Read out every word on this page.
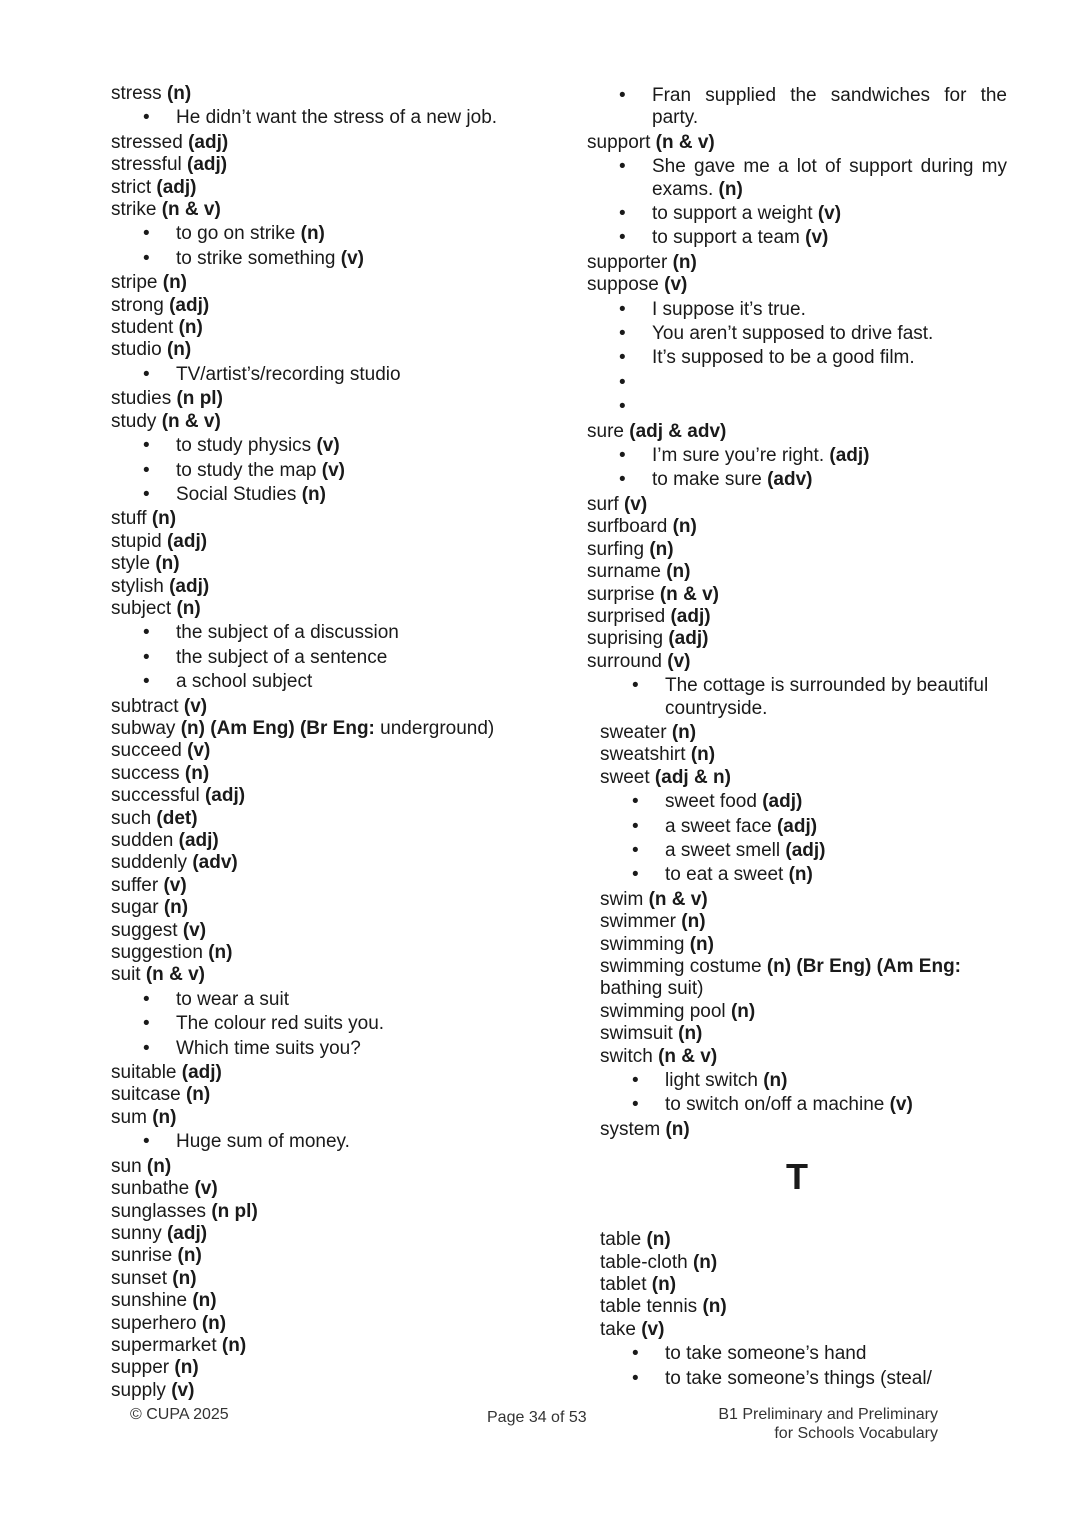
stress (n)
• He didn’t want the stress of a new job.
stressed (adj)
stressful (adj)
strict (adj)
strike (n & v)
• to go on strike (n)
• to strike something (v)
stripe (n)
strong (adj)
student (n)
studio (n)
• TV/artist’s/recording studio
studies (n pl)
study (n & v)
• to study physics (v)
• to study the map (v)
• Social Studies (n)
stuff (n)
stupid (adj)
style (n)
stylish (adj)
subject (n)
• the subject of a discussion
• the subject of a sentence
• a school subject
subtract (v)
subway (n) (Am Eng) (Br Eng: underground)
succeed (v)
success (n)
successful (adj)
such (det)
sudden (adj)
suddenly (adv)
suffer (v)
sugar (n)
suggest (v)
suggestion (n)
suit (n & v)
• to wear a suit
• The colour red suits you.
• Which time suits you?
suitable (adj)
suitcase (n)
sum (n)
• Huge sum of money.
sun (n)
sunbathe (v)
sunglasses (n pl)
sunny (adj)
sunrise (n)
sunset (n)
sunshine (n)
superhero (n)
supermarket (n)
supper (n)
supply (v)
• Fran supplied the sandwiches for the party.
support (n & v)
• She gave me a lot of support during my exams. (n)
• to support a weight (v)
• to support a team (v)
supporter (n)
suppose (v)
• I suppose it’s true.
• You aren’t supposed to drive fast.
• It’s supposed to be a good film.
•
•
sure (adj & adv)
• I’m sure you’re right. (adj)
• to make sure (adv)
surf (v)
surfboard (n)
surfing (n)
surname (n)
surprise (n & v)
surprised (adj)
suprising (adj)
surround (v)
• The cottage is surrounded by beautiful countryside.
sweater (n)
sweatshirt (n)
sweet (adj & n)
• sweet food (adj)
• a sweet face (adj)
• a sweet smell (adj)
• to eat a sweet (n)
swim (n & v)
swimmer (n)
swimming (n)
swimming costume (n) (Br Eng) (Am Eng:
bathing suit)
swimming pool (n)
swimsuit (n)
switch (n & v)
• light switch (n)
• to switch on/off a machine (v)
system (n)
T
table (n)
table-cloth (n)
tablet (n)
table tennis (n)
take (v)
• to take someone’s hand
• to take someone’s things (steal/
© CUPA 2025	Page 34 of 53	B1 Preliminary and Preliminary
for Schools Vocabulary
